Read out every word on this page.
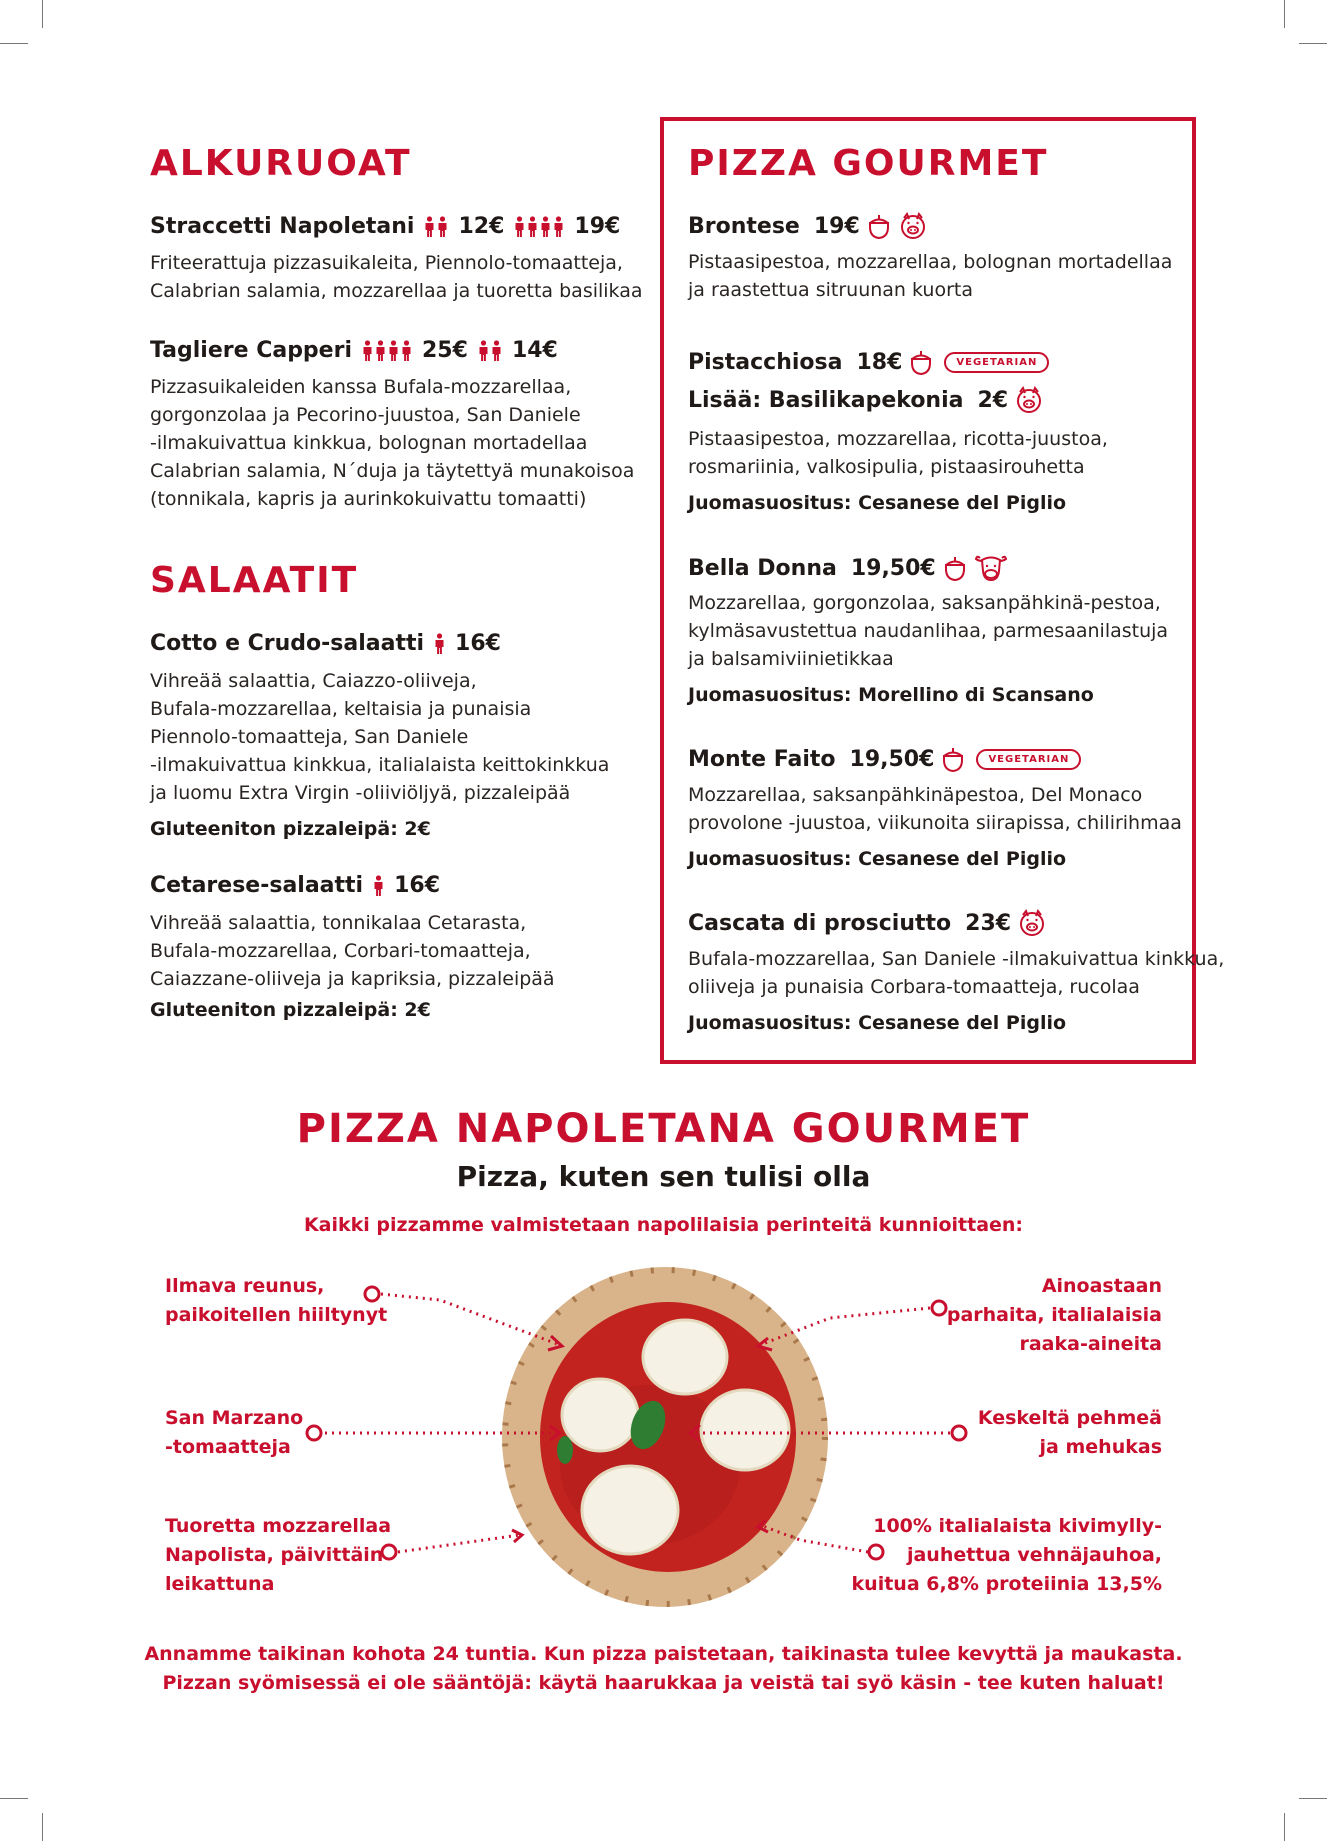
ALKURUOAT
Straccetti Napoletani 12€	19€
Friteerattuja pizzasuikaleita, Piennolo-tomaatteja,
Calabrian salamia, mozzarellaa ja tuoretta basilikaa
Tagliere Capperi	25€ 14€
Pizzasuikaleiden kanssa Bufala-mozzarellaa,
gorgonzolaa ja Pecorino-juustoa, San Daniele
-ilmakuivattua kinkkua, bolognan mortadellaa
Calabrian salamia, N´duja ja täytettyä munakoisoa
(tonnikala, kapris ja aurinkokuivattu tomaatti)
SALAATIT
Cotto e Crudo-salaatti 16€
Vihreää salaattia, Caiazzo-oliiveja,
Bufala-mozzarellaa, keltaisia ja punaisia
Piennolo-tomaatteja, San Daniele
-ilmakuivattua kinkkua, italialaista keittokinkkua
ja luomu Extra Virgin -oliiviöljyä, pizzaleipää
Gluteeniton pizzaleipä: 2€
Cetarese-salaatti 16€
Vihreää salaattia, tonnikalaa Cetarasta,
Bufala-mozzarellaa, Corbari-tomaatteja,
Caiazzane-oliiveja ja kapriksia, pizzaleipää
Gluteeniton pizzaleipä: 2€
PIZZA GOURMET
Brontese 19€
Pistaasipestoa, mozzarellaa, bolognan mortadellaa
ja raastettua sitruunan kuorta
Pistacchiosa 18€	VEGETARIAN
Lisää: Basilikapekonia 2€
Pistaasipestoa, mozzarellaa, ricotta-juustoa,
rosmariinia, valkosipulia, pistaasirouhetta
Juomasuositus: Cesanese del Piglio
Bella Donna 19,50€
Mozzarellaa, gorgonzolaa, saksanpähkinä-pestoa,
kylmäsavustettua naudanlihaa, parmesaanilastuja
ja balsamiviinietikkaa
Juomasuositus: Morellino di Scansano
Monte Faito 19,50€	VEGETARIAN
Mozzarellaa, saksanpähkinäpestoa, Del Monaco
provolone -juustoa, viikunoita siirapissa, chilirihmaa
Juomasuositus: Cesanese del Piglio
Cascata di prosciutto 23€
Bufala-mozzarellaa, San Daniele -ilmakuivattua kinkkua,
oliiveja ja punaisia Corbara-tomaatteja, rucolaa
Juomasuositus: Cesanese del Piglio
PIZZA NAPOLETANA GOURMET
Pizza, kuten sen tulisi olla
Kaikki pizzamme valmistetaan napolilaisia perinteitä kunnioittaen:
Ilmava reunus,
paikoitellen hiiltynyt
San Marzano
-tomaatteja
Tuoretta mozzarellaa
Napolista, päivittäin
leikattuna
Ainoastaan
parhaita, italialaisia
raaka-aineita
Keskeltä pehmeä
ja mehukas
100% italialaista kivimylly-
jauhettua vehnäjauhoa,
kuitua 6,8% proteiinia 13,5%
Annamme taikinan kohota 24 tuntia. Kun pizza paistetaan, taikinasta tulee kevyttä ja maukasta.
Pizzan syömisessä ei ole sääntöjä: käytä haarukkaa ja veistä tai syö käsin - tee kuten haluat!
